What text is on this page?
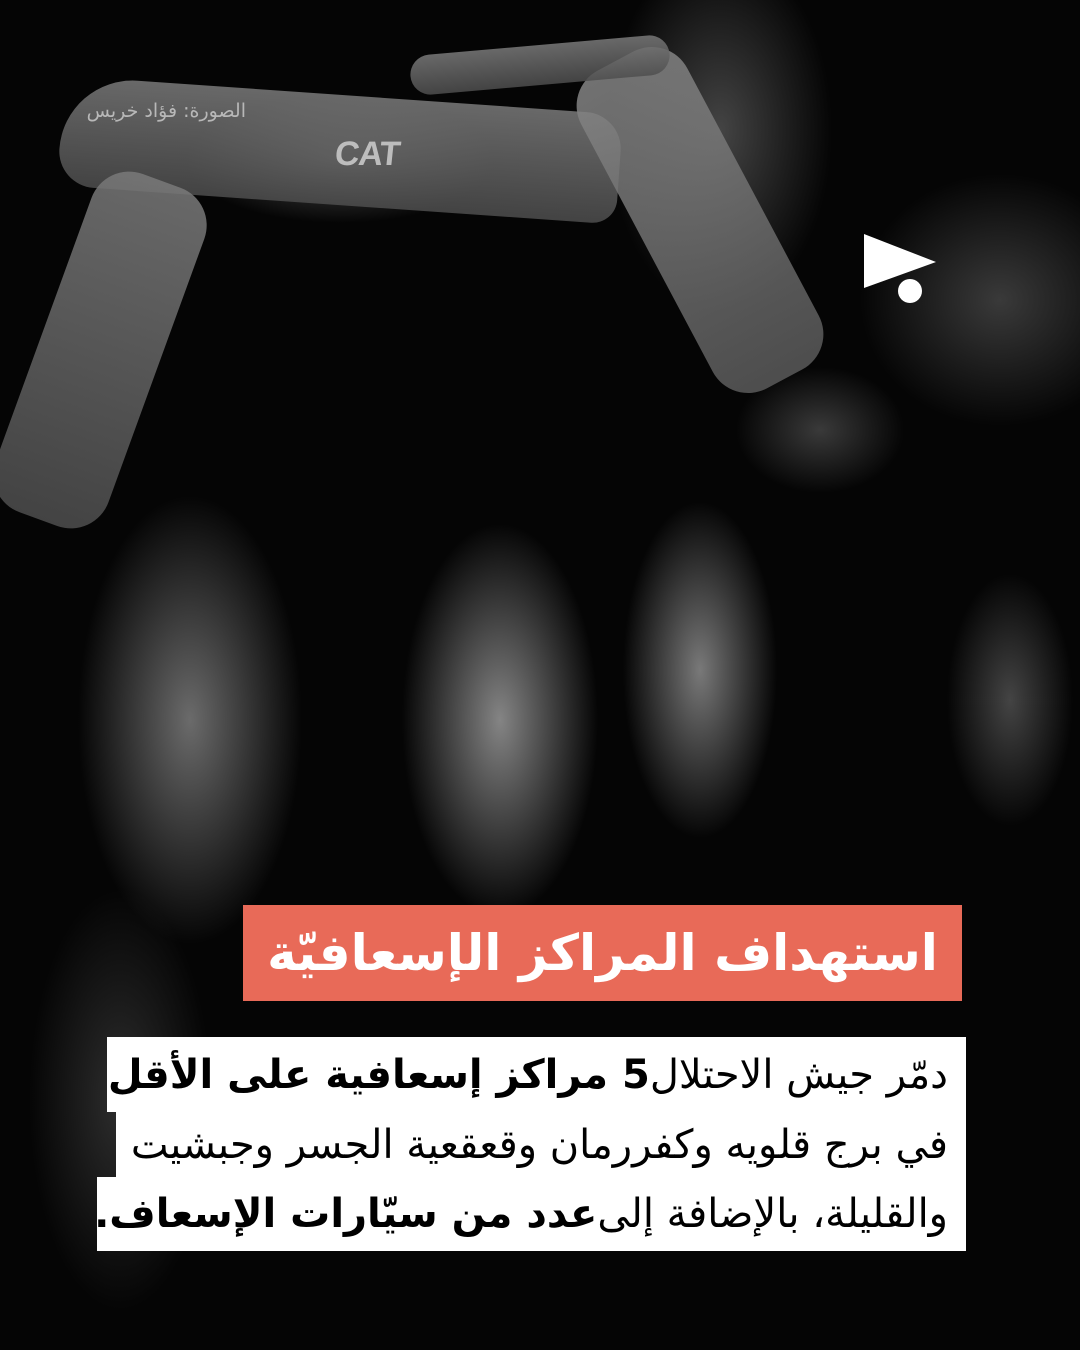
CAT
الصورة: فؤاد خريس
استهداف المراكز الإسعافيّة
دمّر جيش الاحتلال
5 مراكز إسعافية على الأقل
في برج قلويه وكفررمان وقعقعية الجسر وجبشيت
والقليلة، بالإضافة إلى
عدد من سيّارات الإسعاف.
